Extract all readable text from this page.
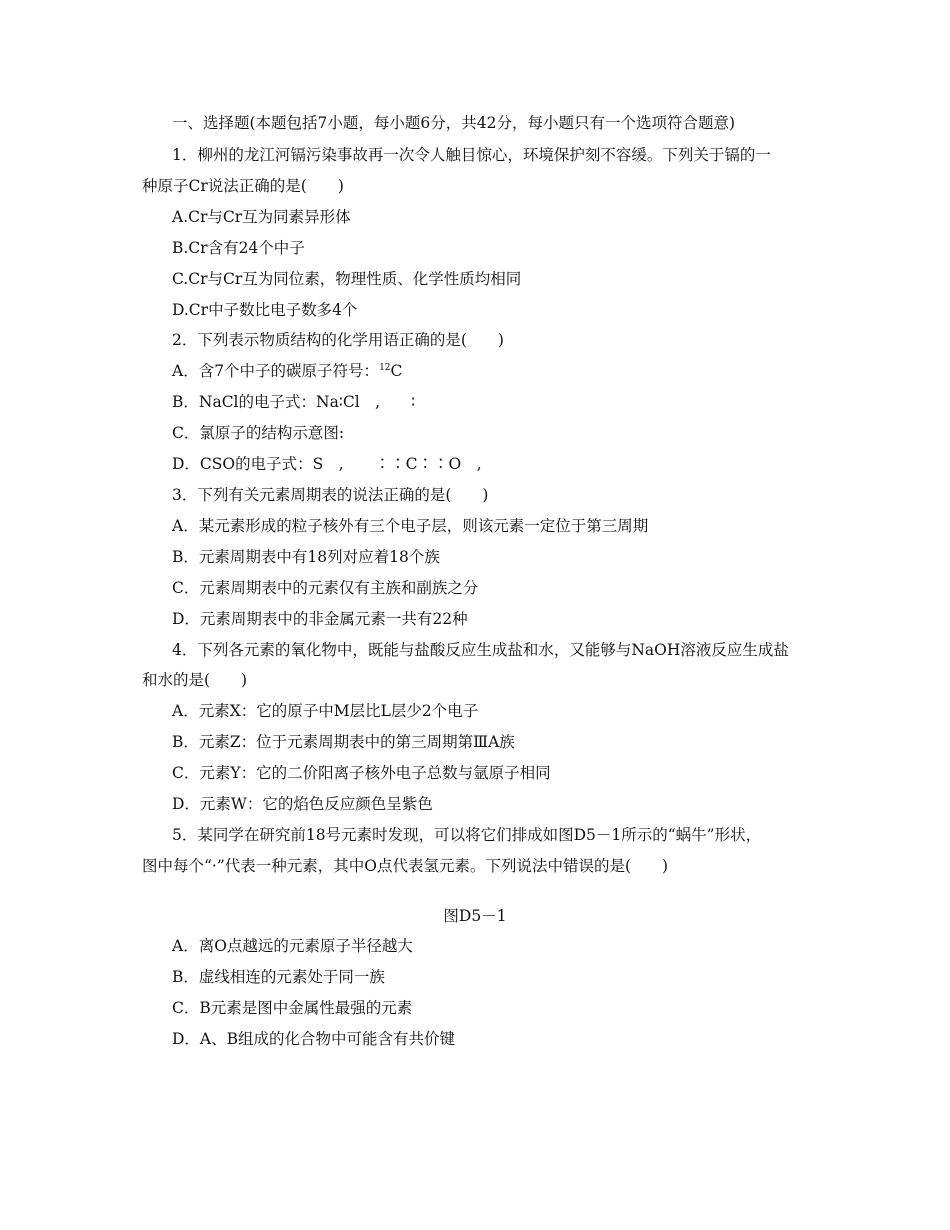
一、选择题(本题包括7小题，每小题6分，共42分，每小题只有一个选项符合题意)
1．柳州的龙江河镉污染事故再一次令人触目惊心，环境保护刻不容缓。下列关于镉的一
种原子Cr说法正确的是(　　)
A.Cr与Cr互为同素异形体
B.Cr含有24个中子
C.Cr与Cr互为同位素，物理性质、化学性质均相同
D.Cr中子数比电子数多4个
2．下列表示物质结构的化学用语正确的是(　　)
A．含7个中子的碳原子符号：$^{12}$C
B．NaCl的电子式：Na∶Cl　,　　∶
C．氯原子的结构示意图:
D．CSO的电子式：S　,　　∶∶C∶∶O　,
3．下列有关元素周期表的说法正确的是(　　)
A．某元素形成的粒子核外有三个电子层，则该元素一定位于第三周期
B．元素周期表中有18列对应着18个族
C．元素周期表中的元素仅有主族和副族之分
D．元素周期表中的非金属元素一共有22种
4．下列各元素的氧化物中，既能与盐酸反应生成盐和水，又能够与NaOH溶液反应生成盐
和水的是(　　)
A．元素X：它的原子中M层比L层少2个电子
B．元素Z：位于元素周期表中的第三周期第ⅢA族
C．元素Y：它的二价阳离子核外电子总数与氩原子相同
D．元素W：它的焰色反应颜色呈紫色
5．某同学在研究前18号元素时发现，可以将它们排成如图D5－1所示的“蜗牛”形状，
图中每个“·”代表一种元素，其中O点代表氢元素。下列说法中错误的是(　　)
图D5－1
A．离O点越远的元素原子半径越大
B．虚线相连的元素处于同一族
C．B元素是图中金属性最强的元素
D．A、B组成的化合物中可能含有共价键
